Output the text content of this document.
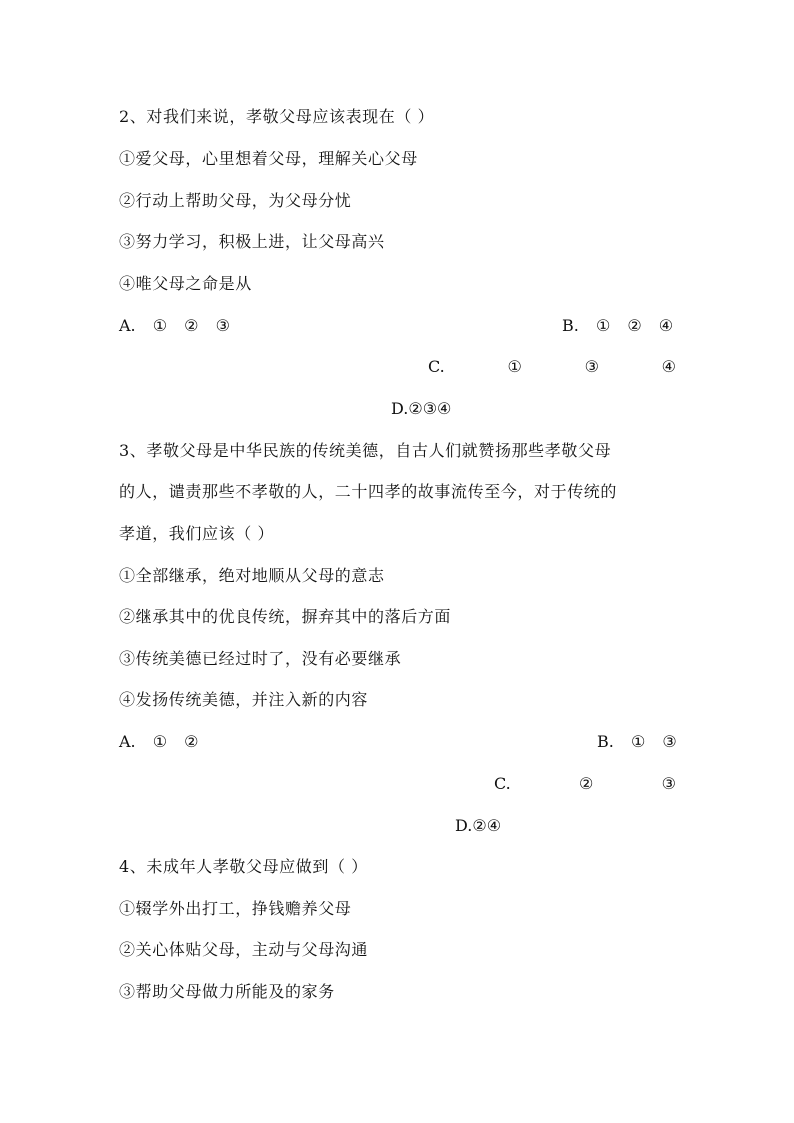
2、对我们来说，孝敬父母应该表现在（ ）
①爱父母，心里想着父母，理解关心父母
②行动上帮助父母，为父母分忧
③努力学习，积极上进，让父母高兴
④唯父母之命是从
A. ① ② ③	B. ① ② ④
C.	①	③	④
D.②③④
3、孝敬父母是中华民族的传统美德，自古人们就赞扬那些孝敬父母
的人，谴责那些不孝敬的人，二十四孝的故事流传至今，对于传统的
孝道，我们应该（ ）
①全部继承，绝对地顺从父母的意志
②继承其中的优良传统，摒弃其中的落后方面
③传统美德已经过时了，没有必要继承
④发扬传统美德，并注入新的内容
A. ① ②	B. ① ③
C.	②	③
D.②④
4、未成年人孝敬父母应做到（ ）
①辍学外出打工，挣钱赡养父母
②关心体贴父母，主动与父母沟通
③帮助父母做力所能及的家务
